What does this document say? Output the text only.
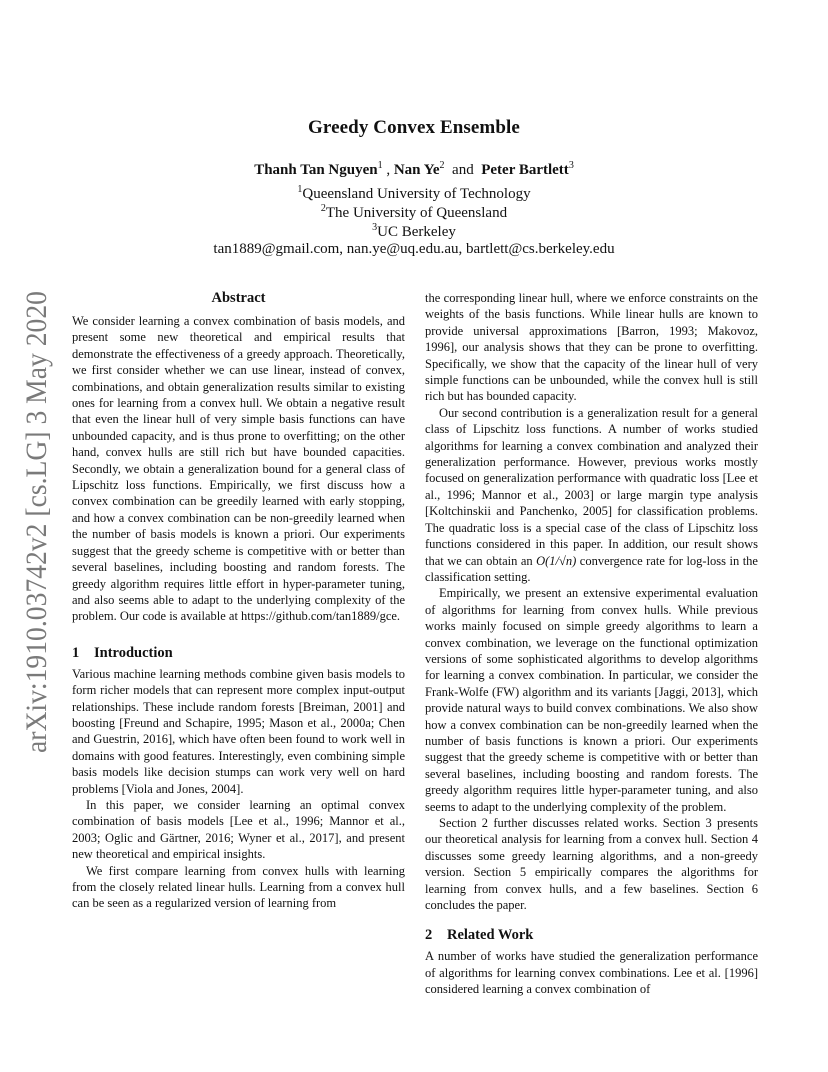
arXiv:1910.03742v2 [cs.LG] 3 May 2020
Greedy Convex Ensemble
Thanh Tan Nguyen$^1$ , Nan Ye$^2$ and Peter Bartlett$^3$
$^1$Queensland University of Technology
$^2$The University of Queensland
$^3$UC Berkeley
tan1889@gmail.com, nan.ye@uq.edu.au, bartlett@cs.berkeley.edu
Abstract

We consider learning a convex combination of basis models, and present some new theoretical and empirical results that demonstrate the effectiveness of a greedy approach. Theoretically, we first consider whether we can use linear, instead of convex, combinations, and obtain generalization results similar to existing ones for learning from a convex hull. We obtain a negative result that even the linear hull of very simple basis functions can have unbounded capacity, and is thus prone to overfitting; on the other hand, convex hulls are still rich but have bounded capacities. Secondly, we obtain a generalization bound for a general class of Lipschitz loss functions. Empirically, we first discuss how a convex combination can be greedily learned with early stopping, and how a convex combination can be non-greedily learned when the number of basis models is known a priori. Our experiments suggest that the greedy scheme is competitive with or better than several baselines, including boosting and random forests. The greedy algorithm requires little effort in hyper-parameter tuning, and also seems able to adapt to the underlying complexity of the problem. Our code is available at https://github.com/tan1889/gce.

1 Introduction

Various machine learning methods combine given basis models to form richer models that can represent more complex input-output relationships. These include random forests [Breiman, 2001] and boosting [Freund and Schapire, 1995; Mason et al., 2000a; Chen and Guestrin, 2016], which have often been found to work well in domains with good features. Interestingly, even combining simple basis models like decision stumps can work very well on hard problems [Viola and Jones, 2004].

In this paper, we consider learning an optimal convex combination of basis models [Lee et al., 1996; Mannor et al., 2003; Oglic and Gärtner, 2016; Wyner et al., 2017], and present new theoretical and empirical insights.

We first compare learning from convex hulls with learning from the closely related linear hulls. Learning from a convex hull can be seen as a regularized version of learning from

the corresponding linear hull, where we enforce constraints on the weights of the basis functions. While linear hulls are known to provide universal approximations [Barron, 1993; Makovoz, 1996], our analysis shows that they can be prone to overfitting. Specifically, we show that the capacity of the linear hull of very simple functions can be unbounded, while the convex hull is still rich but has bounded capacity.

Our second contribution is a generalization result for a general class of Lipschitz loss functions. A number of works studied algorithms for learning a convex combination and analyzed their generalization performance. However, previous works mostly focused on generalization performance with quadratic loss [Lee et al., 1996; Mannor et al., 2003] or large margin type analysis [Koltchinskii and Panchenko, 2005] for classification problems. The quadratic loss is a special case of the class of Lipschitz loss functions considered in this paper. In addition, our result shows that we can obtain an O(1/√n) convergence rate for log-loss in the classification setting.

Empirically, we present an extensive experimental evaluation of algorithms for learning from convex hulls. While previous works mainly focused on simple greedy algorithms to learn a convex combination, we leverage on the functional optimization versions of some sophisticated algorithms to develop algorithms for learning a convex combination. In particular, we consider the Frank-Wolfe (FW) algorithm and its variants [Jaggi, 2013], which provide natural ways to build convex combinations. We also show how a convex combination can be non-greedily learned when the number of basis functions is known a priori. Our experiments suggest that the greedy scheme is competitive with or better than several baselines, including boosting and random forests. The greedy algorithm requires little hyper-parameter tuning, and also seems to adapt to the underlying complexity of the problem.

Section 2 further discusses related works. Section 3 presents our theoretical analysis for learning from a convex hull. Section 4 discusses some greedy learning algorithms, and a non-greedy version. Section 5 empirically compares the algorithms for learning from convex hulls, and a few baselines. Section 6 concludes the paper.

2 Related Work

A number of works have studied the generalization performance of algorithms for learning convex combinations. Lee et al. [1996] considered learning a convex combination of
